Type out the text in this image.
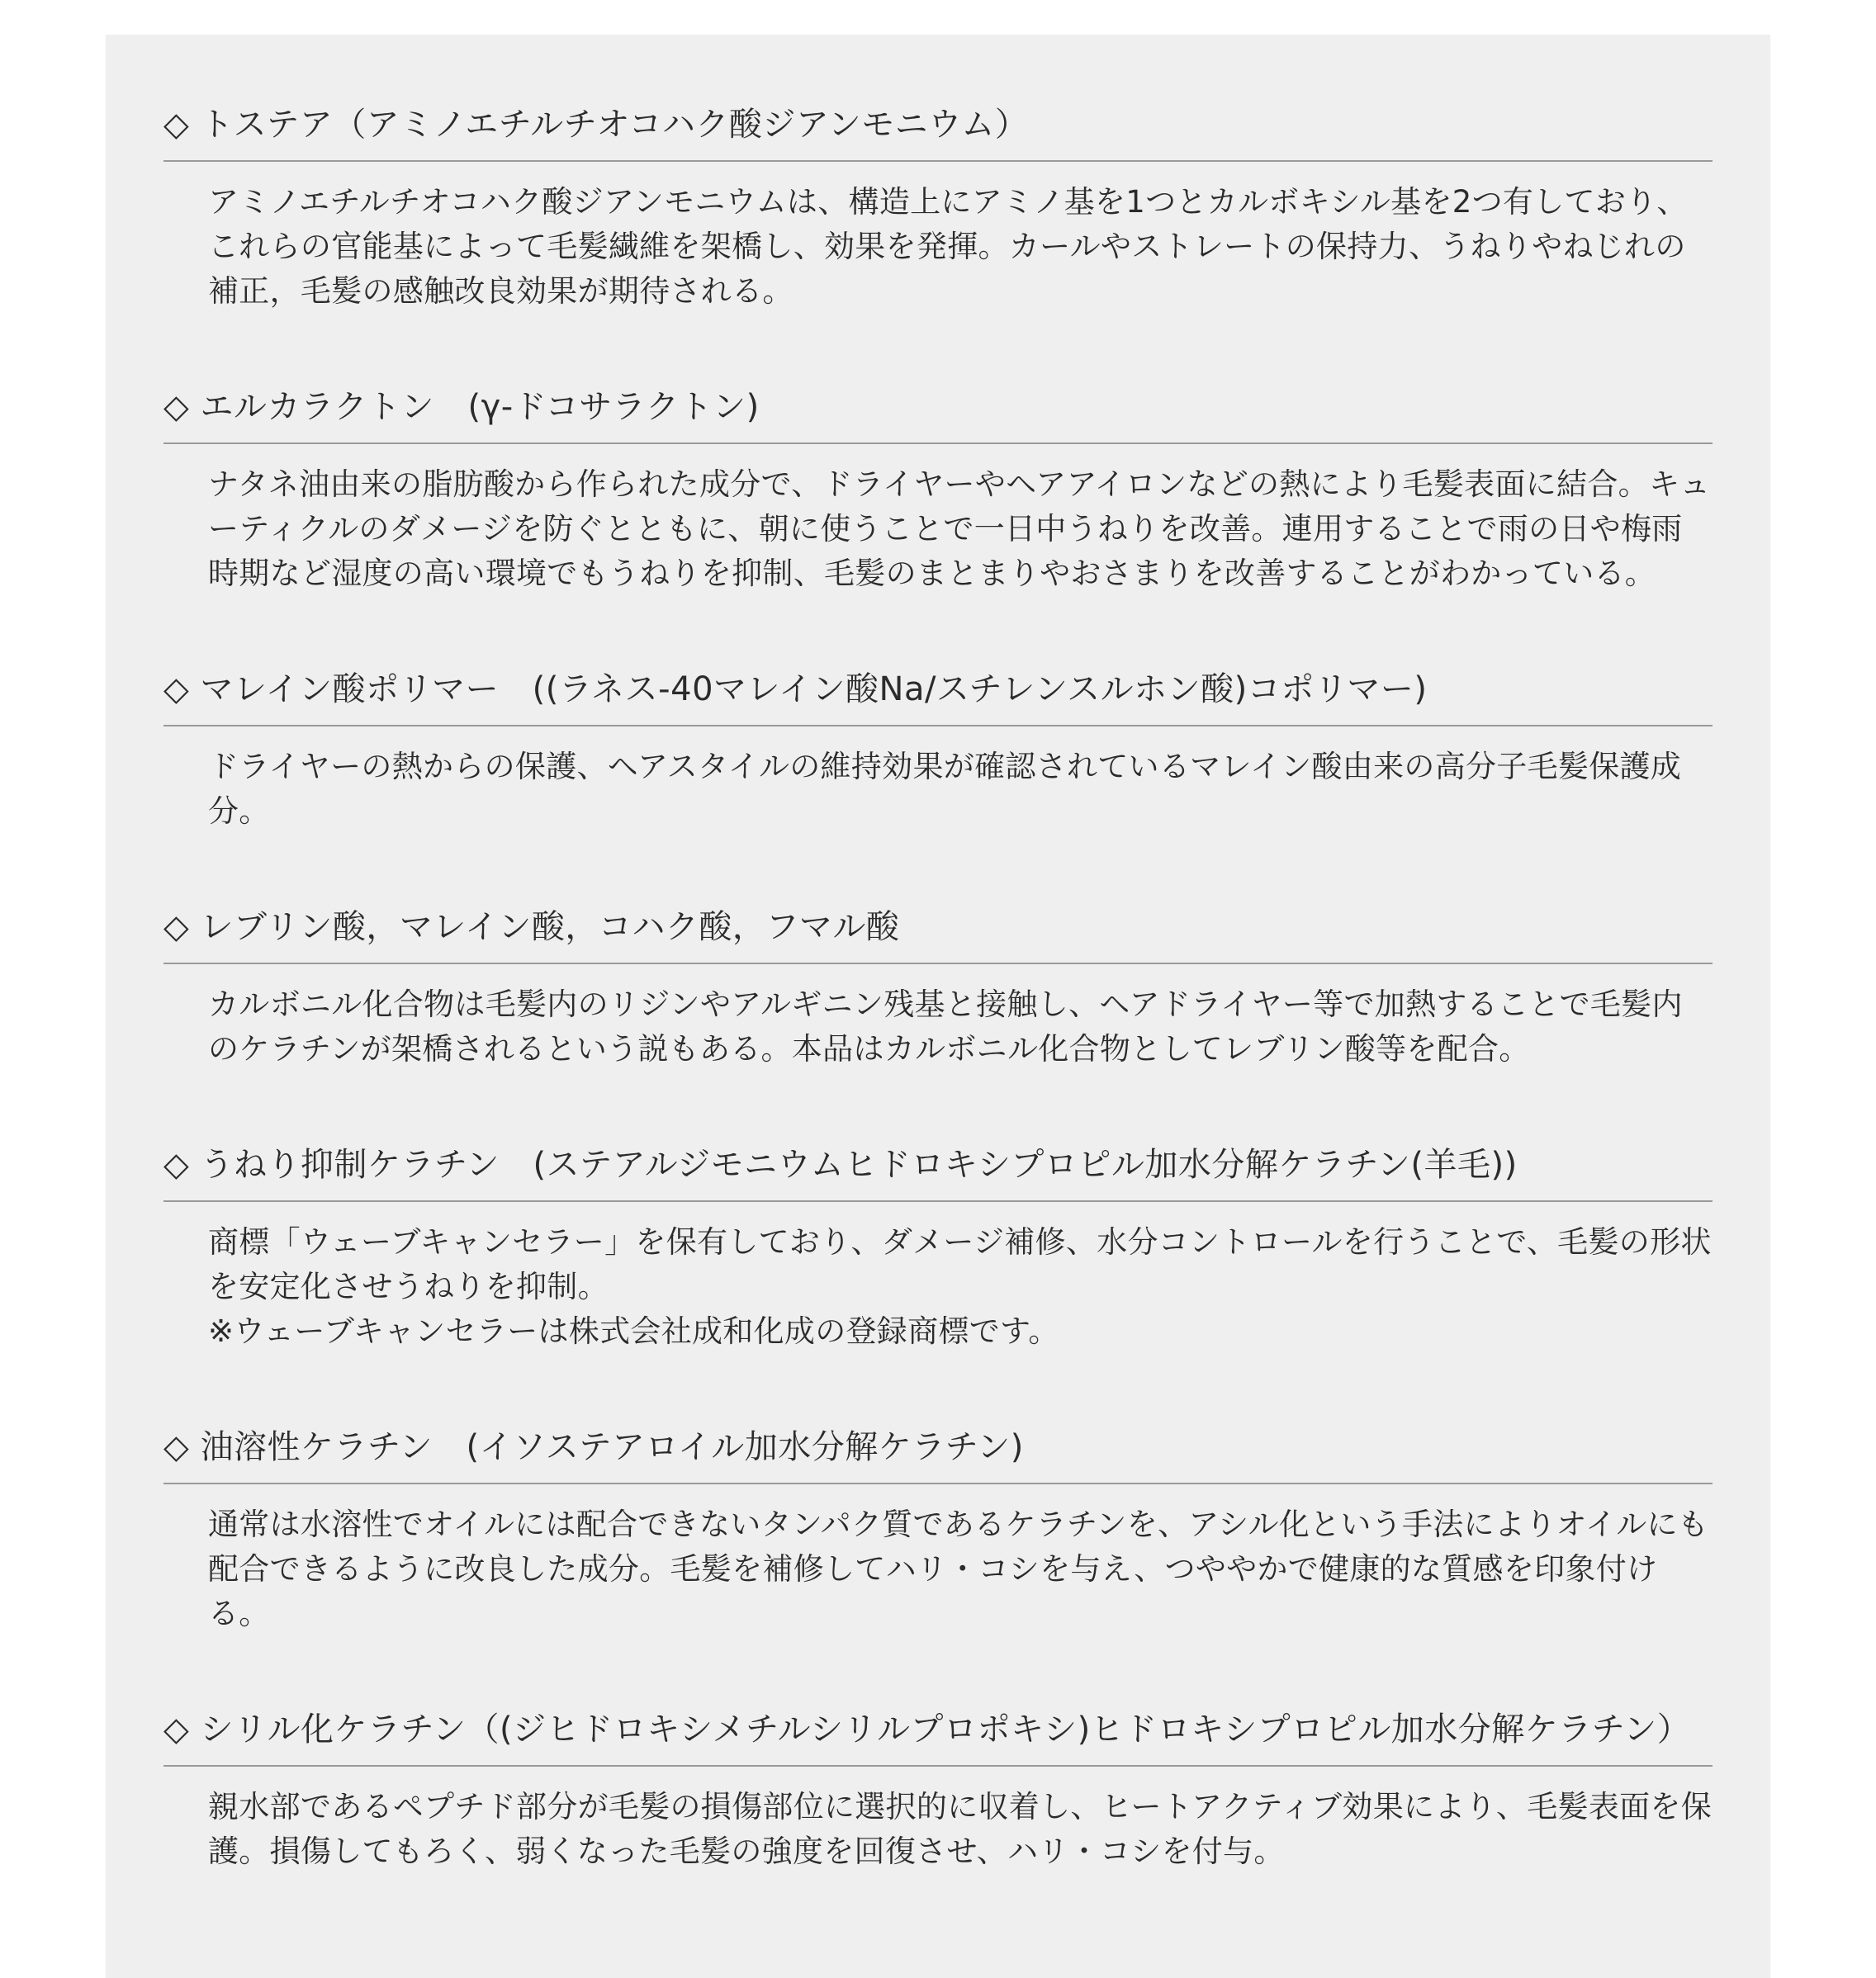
◇ トステア（アミノエチルチオコハク酸ジアンモニウム）

アミノエチルチオコハク酸ジアンモニウムは、構造上にアミノ基を1つとカルボキシル基を2つ有しており、これらの官能基によって毛髪繊維を架橋し、効果を発揮。カールやストレートの保持力、うねりやねじれの補正，毛髪の感触改良効果が期待される。

◇ エルカラクトン　(γ-ドコサラクトン)

ナタネ油由来の脂肪酸から作られた成分で、ドライヤーやヘアアイロンなどの熱により毛髪表面に結合。キューティクルのダメージを防ぐとともに、朝に使うことで一日中うねりを改善。連用することで雨の日や梅雨時期など湿度の高い環境でもうねりを抑制、毛髪のまとまりやおさまりを改善することがわかっている。

◇ マレイン酸ポリマー　((ラネス-40マレイン酸Na/スチレンスルホン酸)コポリマー)

ドライヤーの熱からの保護、ヘアスタイルの維持効果が確認されているマレイン酸由来の高分子毛髪保護成分。

◇ レブリン酸，マレイン酸，コハク酸，フマル酸

カルボニル化合物は毛髪内のリジンやアルギニン残基と接触し、ヘアドライヤー等で加熱することで毛髪内のケラチンが架橋されるという説もある。本品はカルボニル化合物としてレブリン酸等を配合。

◇ うねり抑制ケラチン　(ステアルジモニウムヒドロキシプロピル加水分解ケラチン(羊毛))

商標「ウェーブキャンセラー」を保有しており、ダメージ補修、水分コントロールを行うことで、毛髪の形状を安定化させうねりを抑制。

※ウェーブキャンセラーは株式会社成和化成の登録商標です。

◇ 油溶性ケラチン　(イソステアロイル加水分解ケラチン)

通常は水溶性でオイルには配合できないタンパク質であるケラチンを、アシル化という手法によりオイルにも配合できるように改良した成分。毛髪を補修してハリ・コシを与え、つややかで健康的な質感を印象付ける。

◇ シリル化ケラチン（(ジヒドロキシメチルシリルプロポキシ)ヒドロキシプロピル加水分解ケラチン）

親水部であるペプチド部分が毛髪の損傷部位に選択的に収着し、ヒートアクティブ効果により、毛髪表面を保護。損傷してもろく、弱くなった毛髪の強度を回復させ、ハリ・コシを付与。
